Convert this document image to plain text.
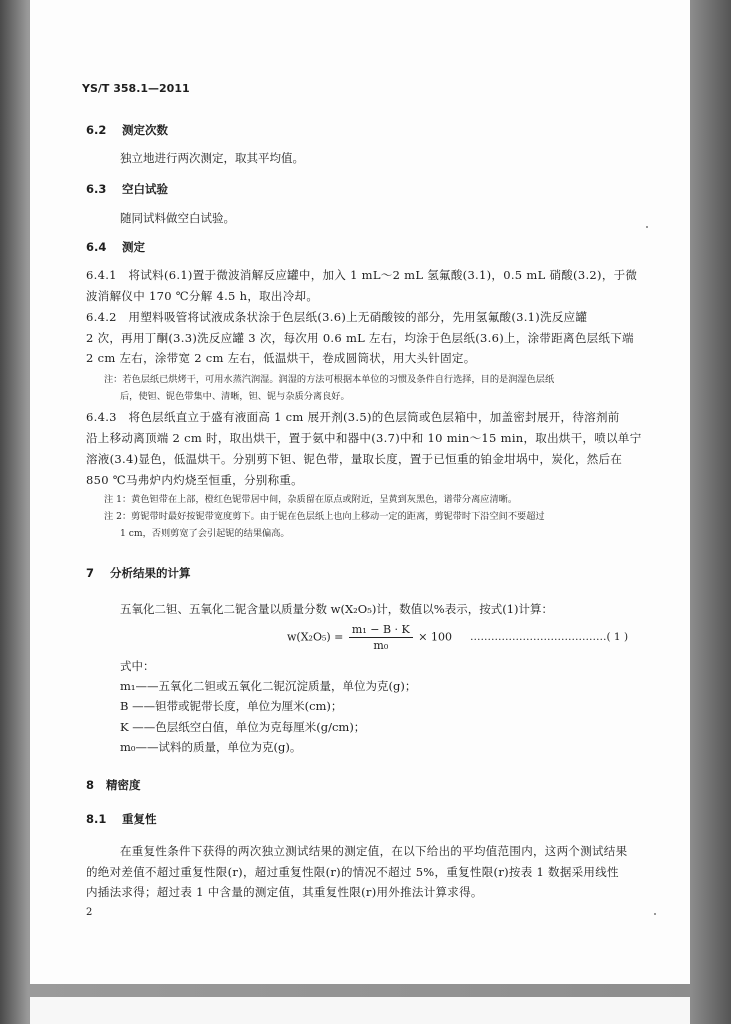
YS/T 358.1—2011

6.2 测定次数

独立地进行两次测定，取其平均值。

6.3 空白试验

随同试料做空白试验。

6.4 测定

6.4.1　将试料(6.1)置于微波消解反应罐中，加入 1 mL～2 mL 氢氟酸(3.1)，0.5 mL 硝酸(3.2)，于微

波消解仪中 170 ℃分解 4.5 h，取出冷却。

6.4.2　用塑料吸管将试液成条状涂于色层纸(3.6)上无硝酸铵的部分，先用氢氟酸(3.1)洗反应罐

2 次，再用丁酮(3.3)洗反应罐 3 次，每次用 0.6 mL 左右，均涂于色层纸(3.6)上，涂带距离色层纸下端

2 cm 左右，涂带宽 2 cm 左右，低温烘干，卷成圆筒状，用大头针固定。

注：若色层纸已烘烤干，可用水蒸汽润湿。润湿的方法可根据本单位的习惯及条件自行选择，目的是润湿色层纸

后，使钽、铌色带集中、清晰，钽、铌与杂质分离良好。

6.4.3　将色层纸直立于盛有液面高 1 cm 展开剂(3.5)的色层筒或色层箱中，加盖密封展开，待溶剂前

沿上移动离顶端 2 cm 时，取出烘干，置于氨中和器中(3.7)中和 10 min～15 min，取出烘干，喷以单宁

溶液(3.4)显色，低温烘干。分别剪下钽、铌色带，量取长度，置于已恒重的铂金坩埚中，炭化，然后在

850 ℃马弗炉内灼烧至恒重，分别称重。

注 1：黄色钽带在上部，橙红色铌带居中间，杂质留在原点或附近，呈黄到灰黑色，谱带分离应清晰。

注 2：剪铌带时最好按铌带宽度剪下。由于铌在色层纸上也向上移动一定的距离，剪铌带时下沿空间不要超过

1 cm，否则剪宽了会引起铌的结果偏高。

7 分析结果的计算

五氧化二钽、五氧化二铌含量以质量分数 w(X₂O₅)计，数值以%表示，按式(1)计算：

$w(X_2O_5) = \frac{\text{m₁ − B · K}}{\text{m₀}} \times 100$ …………………………………( 1 )

式中：

m₁——五氧化二钽或五氧化二铌沉淀质量，单位为克(g)；

B ——钽带或铌带长度，单位为厘米(cm)；

K ——色层纸空白值，单位为克每厘米(g/cm)；

m₀——试料的质量，单位为克(g)。

8 精密度

8.1 重复性

在重复性条件下获得的两次独立测试结果的测定值，在以下给出的平均值范围内，这两个测试结果

的绝对差值不超过重复性限(r)，超过重复性限(r)的情况不超过 5%，重复性限(r)按表 1 数据采用线性

内插法求得；超过表 1 中含量的测定值，其重复性限(r)用外推法计算求得。

2
